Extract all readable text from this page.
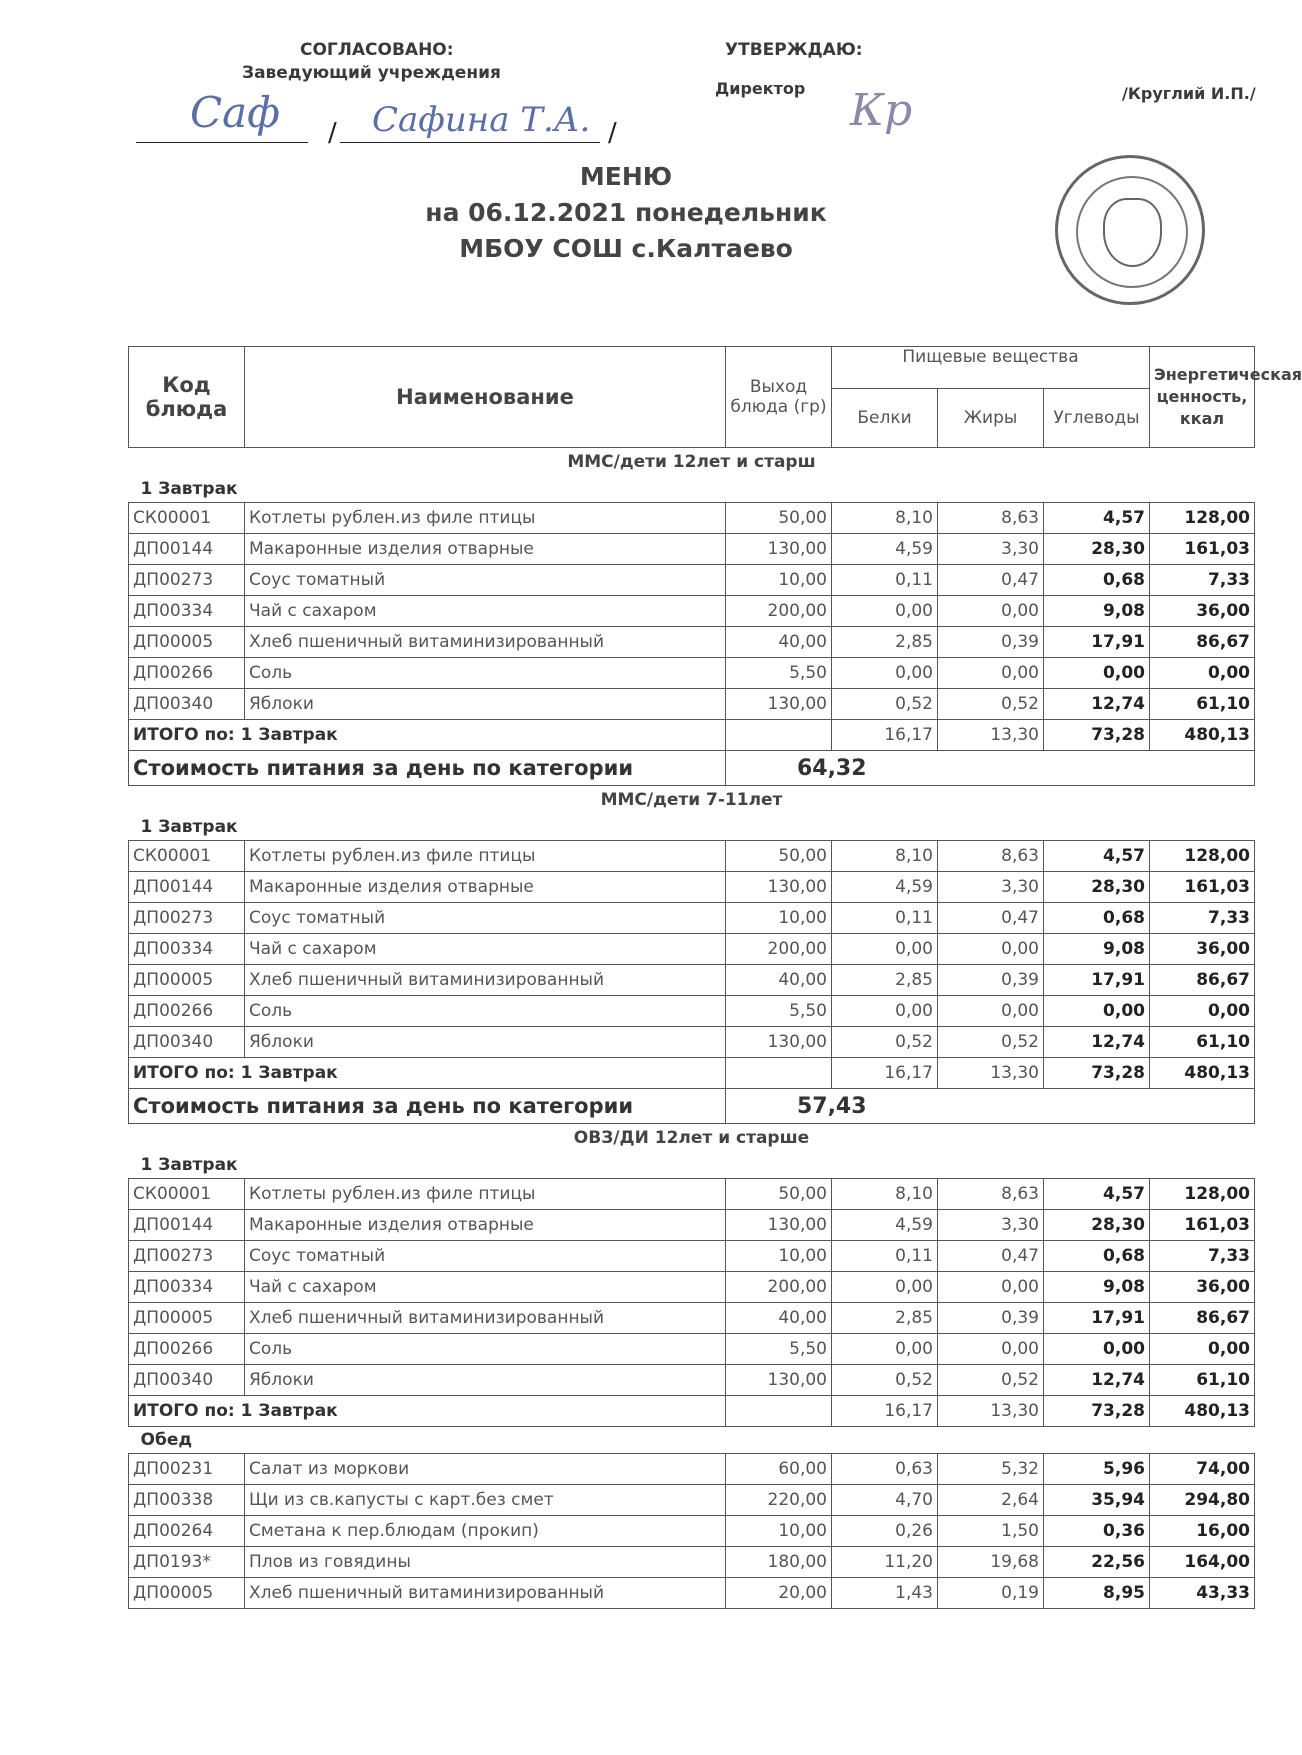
СОГЛАСОВАНО:
Заведующий учреждения
Саф / Сафина Т.А. /
УТВЕРЖДАЮ:
Директор Кр	/Круглий И.П./
МЕНЮ
на 06.12.2021 понедельник
МБОУ СОШ с.Калтаево
Код блюда	Наименование	Выход блюда (гр)	Пищевые вещества			Энергетическая ценность, ккал
			Белки	Жиры	Углеводы	
ММС/дети 12лет и старш						
1 Завтрак						
СК00001	Котлеты рублен.из филе птицы	50,00	8,10	8,63	4,57	128,00
ДП00144	Макаронные изделия отварные	130,00	4,59	3,30	28,30	161,03
ДП00273	Соус томатный	10,00	0,11	0,47	0,68	7,33
ДП00334	Чай с сахаром	200,00	0,00	0,00	9,08	36,00
ДП00005	Хлеб пшеничный витаминизированный	40,00	2,85	0,39	17,91	86,67
ДП00266	Соль	5,50	0,00	0,00	0,00	0,00
ДП00340	Яблоки	130,00	0,52	0,52	12,74	61,10
ИТОГО по: 1 Завтрак			16,17	13,30	73,28	480,13
Стоимость питания за день по категории		64,32				
ММС/дети 7-11лет						
1 Завтрак						
СК00001	Котлеты рублен.из филе птицы	50,00	8,10	8,63	4,57	128,00
ДП00144	Макаронные изделия отварные	130,00	4,59	3,30	28,30	161,03
ДП00273	Соус томатный	10,00	0,11	0,47	0,68	7,33
ДП00334	Чай с сахаром	200,00	0,00	0,00	9,08	36,00
ДП00005	Хлеб пшеничный витаминизированный	40,00	2,85	0,39	17,91	86,67
ДП00266	Соль	5,50	0,00	0,00	0,00	0,00
ДП00340	Яблоки	130,00	0,52	0,52	12,74	61,10
ИТОГО по: 1 Завтрак			16,17	13,30	73,28	480,13
Стоимость питания за день по категории		57,43				
ОВЗ/ДИ 12лет и старше						
1 Завтрак						
СК00001	Котлеты рублен.из филе птицы	50,00	8,10	8,63	4,57	128,00
ДП00144	Макаронные изделия отварные	130,00	4,59	3,30	28,30	161,03
ДП00273	Соус томатный	10,00	0,11	0,47	0,68	7,33
ДП00334	Чай с сахаром	200,00	0,00	0,00	9,08	36,00
ДП00005	Хлеб пшеничный витаминизированный	40,00	2,85	0,39	17,91	86,67
ДП00266	Соль	5,50	0,00	0,00	0,00	0,00
ДП00340	Яблоки	130,00	0,52	0,52	12,74	61,10
ИТОГО по: 1 Завтрак			16,17	13,30	73,28	480,13
Обед						
ДП00231	Салат из моркови	60,00	0,63	5,32	5,96	74,00
ДП00338	Щи из св.капусты с карт.без смет	220,00	4,70	2,64	35,94	294,80
ДП00264	Сметана к пер.блюдам (прокип)	10,00	0,26	1,50	0,36	16,00
ДП0193*	Плов из говядины	180,00	11,20	19,68	22,56	164,00
ДП00005	Хлеб пшеничный витаминизированный	20,00	1,43	0,19	8,95	43,33
